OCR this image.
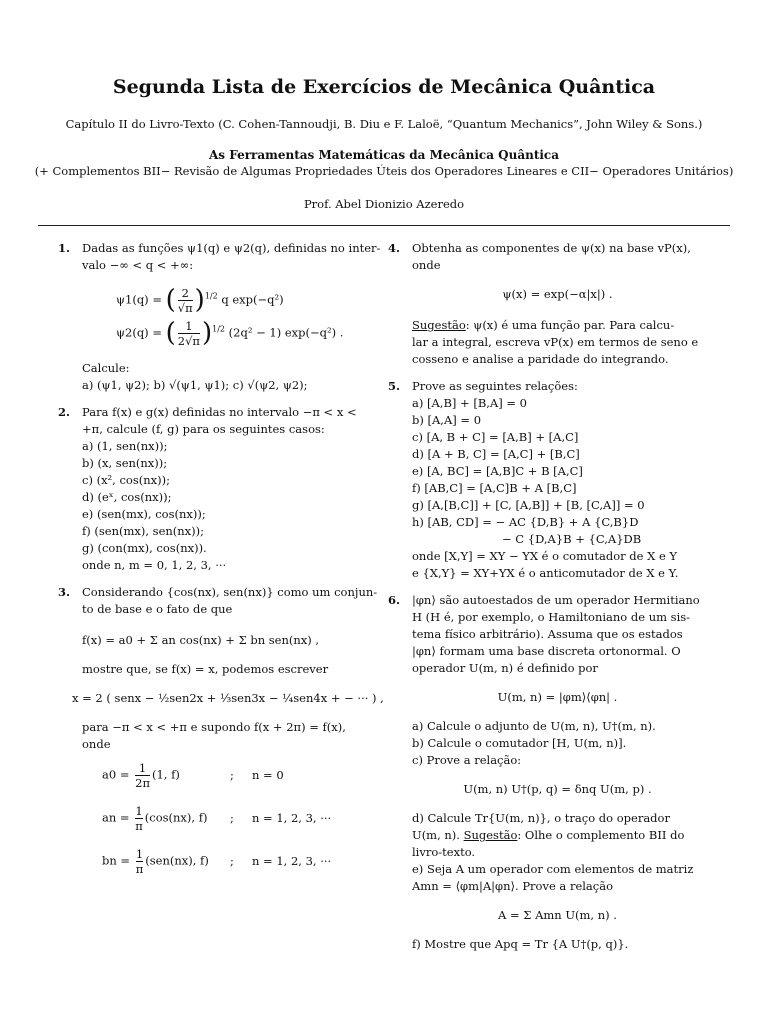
Segunda Lista de Exercícios de Mecânica Quântica
Capítulo II do Livro-Texto (C. Cohen-Tannoudji, B. Diu e F. Laloë, “Quantum Mechanics”, John Wiley & Sons.)
As Ferramentas Matemáticas da Mecânica Quântica
(+ Complementos BII− Revisão de Algumas Propriedades Úteis dos Operadores Lineares e CII− Operadores Unitários)
Prof. Abel Dionizio Azeredo
1. Dadas as funções ψ1(q) e ψ2(q), definidas no inter-
valo −∞ < q < +∞:
ψ1(q) = ( $\frac{2}{√\pi} )^{1/2}$ q exp(−q²)
ψ2(q) = ( $\frac{1}{2√\pi} )^{1/2}$ (2q² − 1) exp(−q²) .
Calcule:
a) (ψ1, ψ2); b) √(ψ1, ψ1); c) √(ψ2, ψ2);
2. Para f(x) e g(x) definidas no intervalo −π < x <
+π, calcule (f, g) para os seguintes casos:
a) (1, sen(nx));
b) (x, sen(nx));
c) (x², cos(nx));
d) (eˣ, cos(nx));
e) (sen(mx), cos(nx));
f) (sen(mx), sen(nx));
g) (con(mx), cos(nx)).
onde n, m = 0, 1, 2, 3, ···
3. Considerando {cos(nx), sen(nx)} como um conjun-
to de base e o fato de que
f(x) = a0 + Σ an cos(nx) + Σ bn sen(nx) ,
mostre que, se f(x) = x, podemos escrever
x = 2 ( senx − ½sen2x + ⅓sen3x − ¼sen4x + − ··· ) ,
para −π < x < +π e supondo f(x + 2π) = f(x),
onde
$a0 = \frac{1}{2\pi} (1$, f)	;	n = 0
an = $\frac{1}{\pi} (\cos(nx)$, f)	;	n = 1, 2, 3, ···
bn = $\frac{1}{\pi} (sen(nx)$, f)	;	n = 1, 2, 3, ···
4. Obtenha as componentes de ψ(x) na base vP(x),
onde
ψ(x) = exp(−α|x|) .
Sugestão: ψ(x) é uma função par. Para calcu-
lar a integral, escreva vP(x) em termos de seno e
cosseno e analise a paridade do integrando.
5. Prove as seguintes relações:
a) [A,B] + [B,A] = 0
b) [A,A] = 0
c) [A, B + C] = [A,B] + [A,C]
d) [A + B, C] = [A,C] + [B,C]
e) [A, BC] = [A,B]C + B [A,C]
f) [AB,C] = [A,C]B + A [B,C]
g) [A,[B,C]] + [C, [A,B]] + [B, [C,A]] = 0
h) [AB, CD] = − AC {D,B} + A {C,B}D
− C {D,A}B + {C,A}DB
onde [X,Y] = XY − YX é o comutador de X e Y
e {X,Y} = XY+YX é o anticomutador de X e Y.
6. |φn⟩ são autoestados de um operador Hermitiano
H (H é, por exemplo, o Hamiltoniano de um sis-
tema físico arbitrário). Assuma que os estados
|φn⟩ formam uma base discreta ortonormal. O
operador U(m, n) é definido por
U(m, n) = |φm⟩⟨φn| .
a) Calcule o adjunto de U(m, n), U†(m, n).
b) Calcule o comutador [H, U(m, n)].
c) Prove a relação:
U(m, n) U†(p, q) = δnq U(m, p) .
d) Calcule Tr{U(m, n)}, o traço do operador
U(m, n). Sugestão: Olhe o complemento BII do
livro-texto.
e) Seja A um operador com elementos de matriz
Amn = ⟨φm|A|φn⟩. Prove a relação
A = Σ Amn U(m, n) .
f) Mostre que Apq = Tr {A U†(p, q)}.
